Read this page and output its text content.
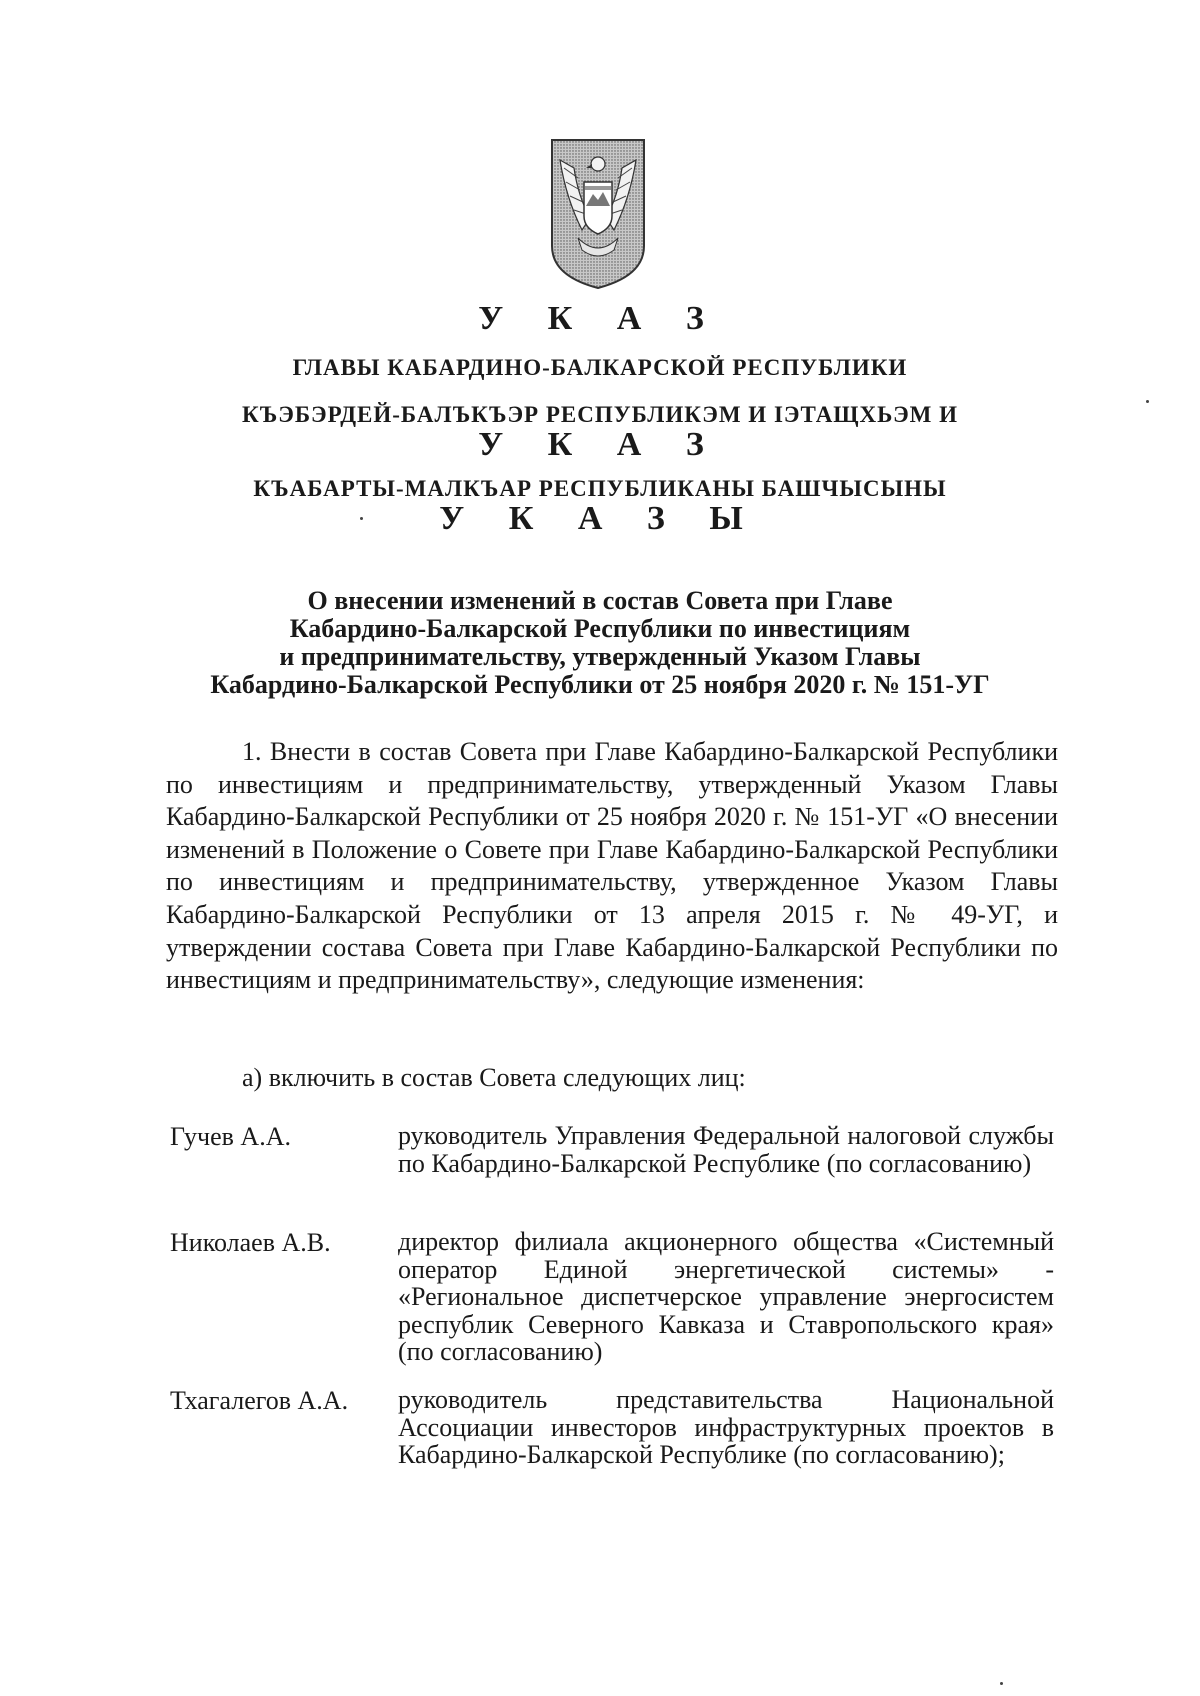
У К А З
ГЛАВЫ КАБАРДИНО-БАЛКАРСКОЙ РЕСПУБЛИКИ
КЪЭБЭРДЕЙ-БАЛЪКЪЭР РЕСПУБЛИКЭМ И ІЭТАЩХЬЭМ И
У К А З
КЪАБАРТЫ-МАЛКЪАР РЕСПУБЛИКАНЫ БАШЧЫСЫНЫ
У К А З Ы
О внесении изменений в состав Совета при Главе
Кабардино-Балкарской Республики по инвестициям
и предпринимательству, утвержденный Указом Главы
Кабардино-Балкарской Республики от 25 ноября 2020 г. № 151-УГ
1. Внести в состав Совета при Главе Кабардино-Балкарской Республики по инвестициям и предпринимательству, утвержденный Указом Главы Кабардино-Балкарской Республики от 25 ноября 2020 г. № 151-УГ «О внесении изменений в Положение о Совете при Главе Кабардино-Балкарской Республики по инвестициям и предпринимательству, утвержденное Указом Главы Кабардино-Балкарской Республики от 13 апреля 2015 г. № 49-УГ, и утверждении состава Совета при Главе Кабардино-Балкарской Республики по инвестициям и предпринимательству», следующие изменения:
а) включить в состав Совета следующих лиц:
Гучев А.А.	руководитель Управления Федеральной налоговой службы по Кабардино-Балкарской Республике (по согласованию)
Николаев А.В.	директор филиала акционерного общества «Системный оператор Единой энергетической системы» - «Региональное диспетчерское управление энергосистем республик Северного Кавказа и Ставропольского края» (по согласованию)
Тхагалегов А.А. руководитель представительства Национальной Ассоциации инвесторов инфраструктурных проектов в Кабардино-Балкарской Республике (по согласованию);
